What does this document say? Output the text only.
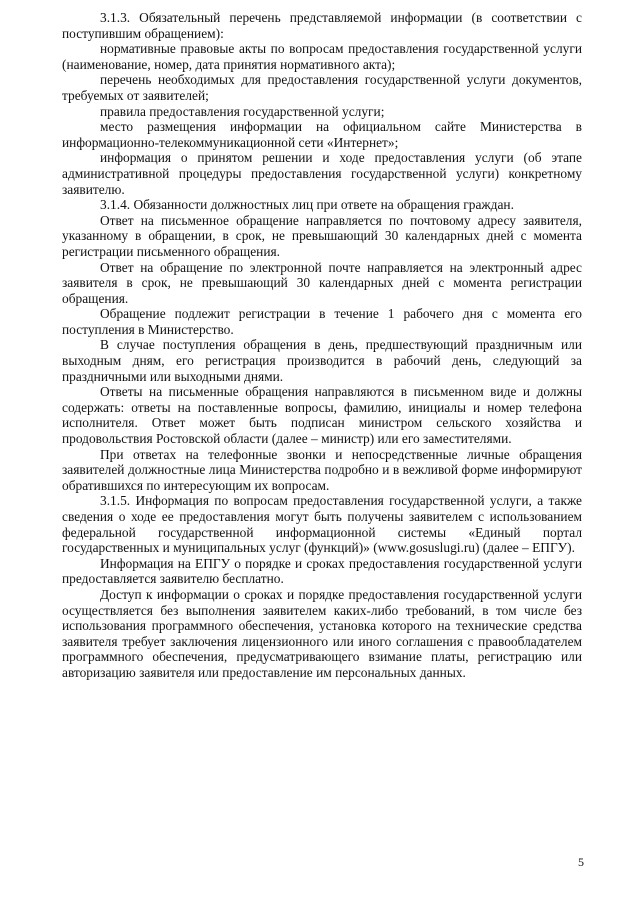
3.1.3. Обязательный перечень представляемой информации (в соответствии с поступившим обращением):

нормативные правовые акты по вопросам предоставления государственной услуги (наименование, номер, дата принятия нормативного акта);

перечень необходимых для предоставления государственной услуги документов, требуемых от заявителей;

правила предоставления государственной услуги;

место размещения информации на официальном сайте Министерства в информационно-телекоммуникационной сети «Интернет»;

информация о принятом решении и ходе предоставления услуги (об этапе административной процедуры предоставления государственной услуги) конкретному заявителю.

3.1.4. Обязанности должностных лиц при ответе на обращения граждан.

Ответ на письменное обращение направляется по почтовому адресу заявителя, указанному в обращении, в срок, не превышающий 30 календарных дней с момента регистрации письменного обращения.

Ответ на обращение по электронной почте направляется на электронный адрес заявителя в срок, не превышающий 30 календарных дней с момента регистрации обращения.

Обращение подлежит регистрации в течение 1 рабочего дня с момента его поступления в Министерство.

В случае поступления обращения в день, предшествующий праздничным или выходным дням, его регистрация производится в рабочий день, следующий за праздничными или выходными днями.

Ответы на письменные обращения направляются в письменном виде и должны содержать: ответы на поставленные вопросы, фамилию, инициалы и номер телефона исполнителя. Ответ может быть подписан министром сельского хозяйства и продовольствия Ростовской области (далее – министр) или его заместителями.

При ответах на телефонные звонки и непосредственные личные обращения заявителей должностные лица Министерства подробно и в вежливой форме информируют обратившихся по интересующим их вопросам.

3.1.5. Информация по вопросам предоставления государственной услуги, а также сведения о ходе ее предоставления могут быть получены заявителем с использованием федеральной государственной информационной системы «Единый портал государственных и муниципальных услуг (функций)» (www.gosuslugi.ru) (далее – ЕПГУ).

Информация на ЕПГУ о порядке и сроках предоставления государственной услуги предоставляется заявителю бесплатно.

Доступ к информации о сроках и порядке предоставления государственной услуги осуществляется без выполнения заявителем каких-либо требований, в том числе без использования программного обеспечения, установка которого на технические средства заявителя требует заключения лицензионного или иного соглашения с правообладателем программного обеспечения, предусматривающего взимание платы, регистрацию или авторизацию заявителя или предоставление им персональных данных.

5
